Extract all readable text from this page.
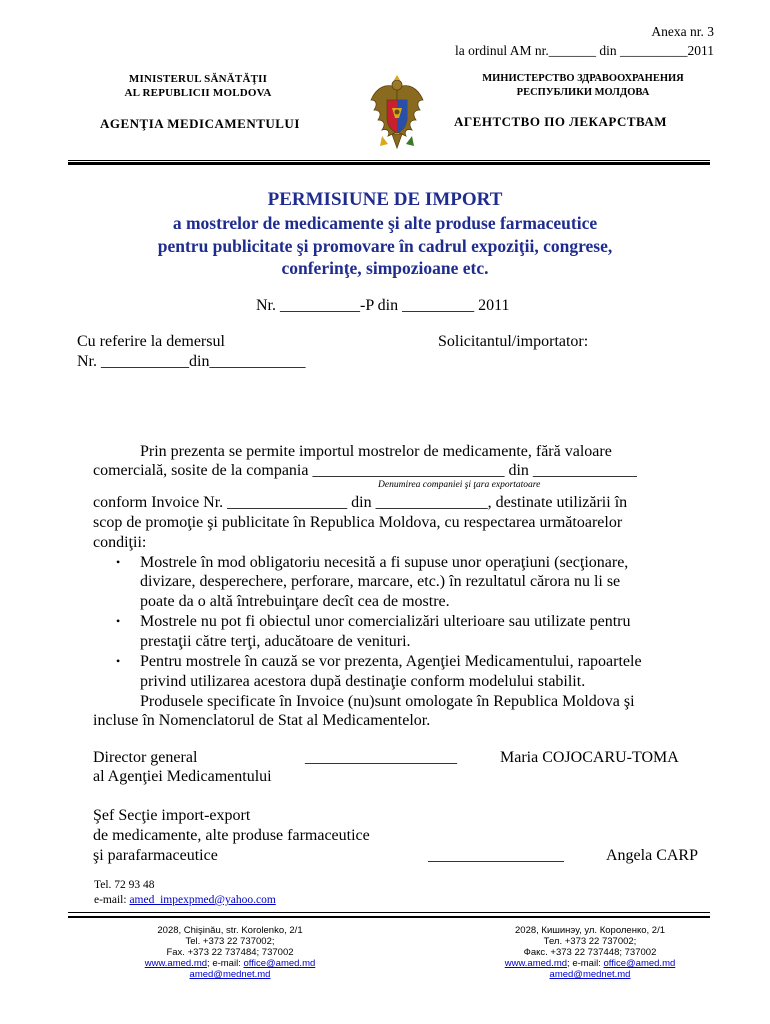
Anexa nr. 3
la ordinul AM nr._______ din __________2011
MINISTERUL SĂNĂTĂŢII
AL REPUBLICII MOLDOVA
AGENŢIA MEDICAMENTULUI
МИНИСТЕРСТВО ЗДРАВООХРАНЕНИЯ
РЕСПУБЛИКИ МОЛДОВА
АГЕНТСТВО ПО ЛЕКАРСТВАМ
PERMISIUNE DE IMPORT
a mostrelor de medicamente şi alte produse farmaceutice
pentru publicitate şi promovare în cadrul expoziţii, congrese,
conferinţe, simpozioane etc.
Nr. __________-P din _________ 2011
Cu referire la demersul
Nr. ___________din____________
Solicitantul/importator:
Prin prezenta se permite importul mostrelor de medicamente, fără valoare
comercială, sosite de la compania ________________________ din _____________
Denumirea companiei şi ţara exportatoare
conform Invoice Nr. _______________ din ______________, destinate utilizării în
scop de promoţie şi publicitate în Republica Moldova, cu respectarea următoarelor
condiţii:
• Mostrele în mod obligatoriu necesită a fi supuse unor operaţiuni (secţionare,
divizare, desperechere, perforare, marcare, etc.) în rezultatul cărora nu li se
poate da o altă întrebuinţare decît cea de mostre.
• Mostrele nu pot fi obiectul unor comercializări ulterioare sau utilizate pentru
prestaţii către terţi, aducătoare de venituri.
• Pentru mostrele în cauză se vor prezenta, Agenţiei Medicamentului, rapoartele
privind utilizarea acestora după destinaţie conform modelului stabilit.
Produsele specificate în Invoice (nu)sunt omologate în Republica Moldova şi
incluse în Nomenclatorul de Stat al Medicamentelor.
Director general
al Agenţiei Medicamentului
___________________	Maria COJOCARU-TOMA
Şef Secţie import-export
de medicamente, alte produse farmaceutice
şi parafarmaceutice	_________________	Angela CARP
Tel. 72 93 48
e-mail: amed_impexpmed@yahoo.com
2028, Chişinău, str. Korolenko, 2/1
Tel. +373 22 737002;
Fax. +373 22 737484; 737002
www.amed.md; e-mail: office@amed.md
amed@mednet.md
2028, Кишинэу, ул. Короленко, 2/1
Тел. +373 22 737002;
Факс. +373 22 737448; 737002
www.amed.md; e-mail: office@amed.md
amed@mednet.md
